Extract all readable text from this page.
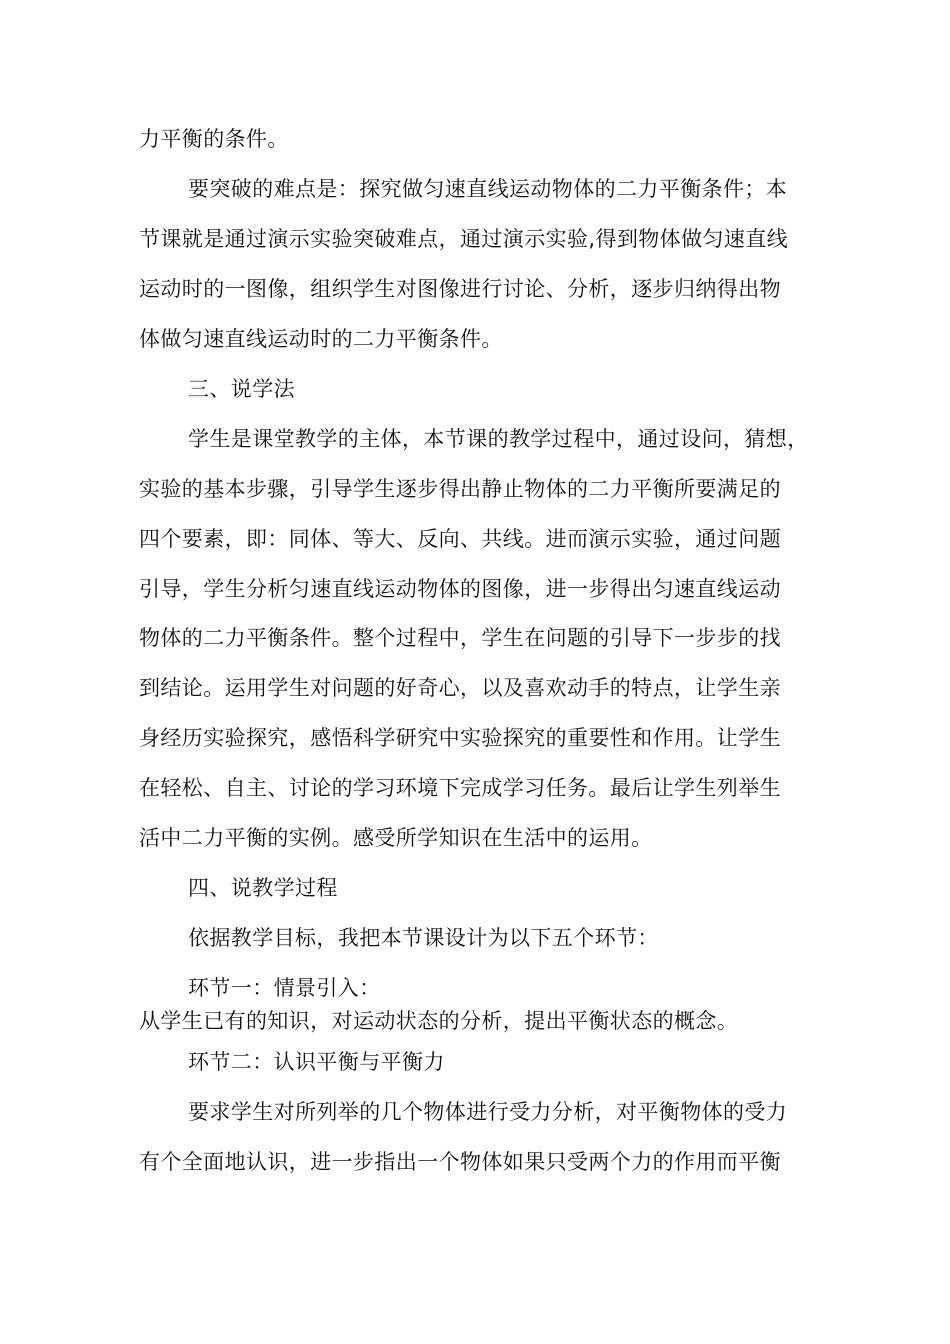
力平衡的条件。
要突破的难点是：探究做匀速直线运动物体的二力平衡条件；本
节课就是通过演示实验突破难点，通过演示实验,得到物体做匀速直线
运动时的一图像，组织学生对图像进行讨论、分析，逐步归纳得出物
体做匀速直线运动时的二力平衡条件。
三、说学法
学生是课堂教学的主体，本节课的教学过程中，通过设问，猜想，
实验的基本步骤，引导学生逐步得出静止物体的二力平衡所要满足的
四个要素，即：同体、等大、反向、共线。进而演示实验，通过问题
引导，学生分析匀速直线运动物体的图像，进一步得出匀速直线运动
物体的二力平衡条件。整个过程中，学生在问题的引导下一步步的找
到结论。运用学生对问题的好奇心，以及喜欢动手的特点，让学生亲
身经历实验探究，感悟科学研究中实验探究的重要性和作用。让学生
在轻松、自主、讨论的学习环境下完成学习任务。最后让学生列举生
活中二力平衡的实例。感受所学知识在生活中的运用。
四、说教学过程
依据教学目标，我把本节课设计为以下五个环节：
环节一：情景引入：
从学生已有的知识，对运动状态的分析，提出平衡状态的概念。
环节二：认识平衡与平衡力
要求学生对所列举的几个物体进行受力分析，对平衡物体的受力
有个全面地认识，进一步指出一个物体如果只受两个力的作用而平衡
